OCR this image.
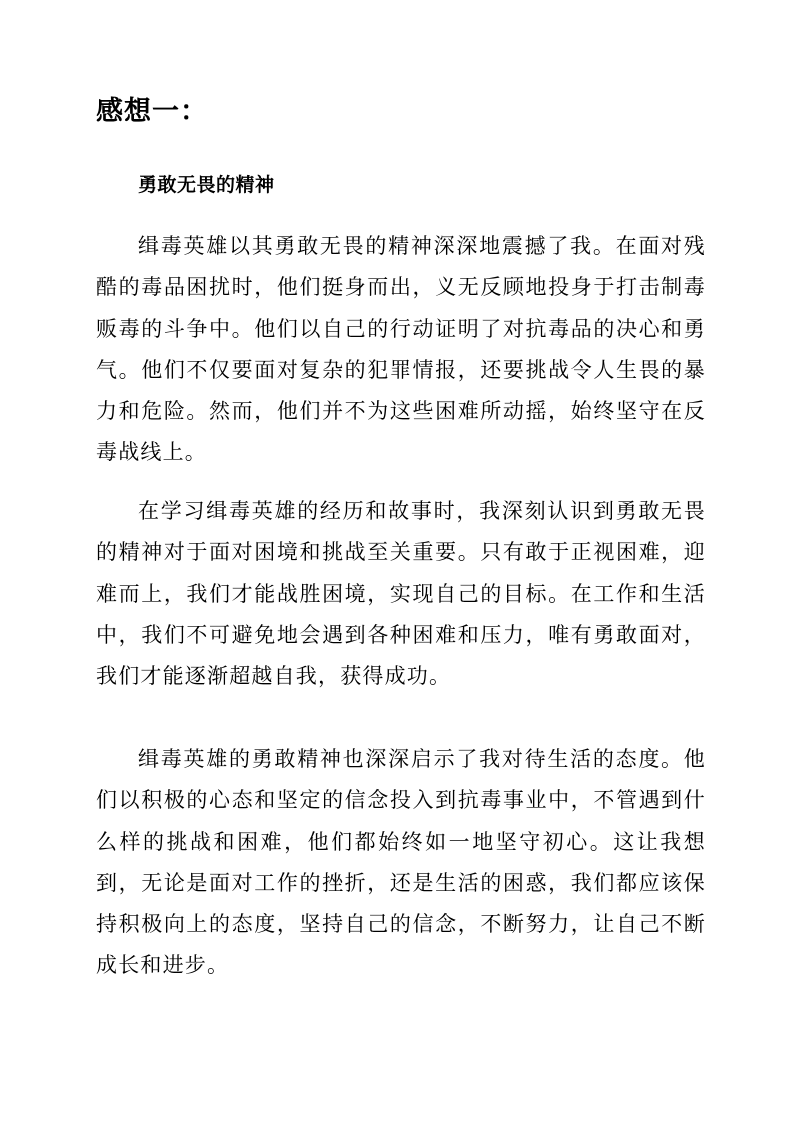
感想一：
勇敢无畏的精神

缉毒英雄以其勇敢无畏的精神深深地震撼了我。在面对残酷的毒品困扰时，他们挺身而出，义无反顾地投身于打击制毒贩毒的斗争中。他们以自己的行动证明了对抗毒品的决心和勇气。他们不仅要面对复杂的犯罪情报，还要挑战令人生畏的暴力和危险。然而，他们并不为这些困难所动摇，始终坚守在反毒战线上。

在学习缉毒英雄的经历和故事时，我深刻认识到勇敢无畏的精神对于面对困境和挑战至关重要。只有敢于正视困难，迎难而上，我们才能战胜困境，实现自己的目标。在工作和生活中，我们不可避免地会遇到各种困难和压力，唯有勇敢面对，我们才能逐渐超越自我，获得成功。

缉毒英雄的勇敢精神也深深启示了我对待生活的态度。他们以积极的心态和坚定的信念投入到抗毒事业中，不管遇到什么样的挑战和困难，他们都始终如一地坚守初心。这让我想到，无论是面对工作的挫折，还是生活的困惑，我们都应该保持积极向上的态度，坚持自己的信念，不断努力，让自己不断成长和进步。
